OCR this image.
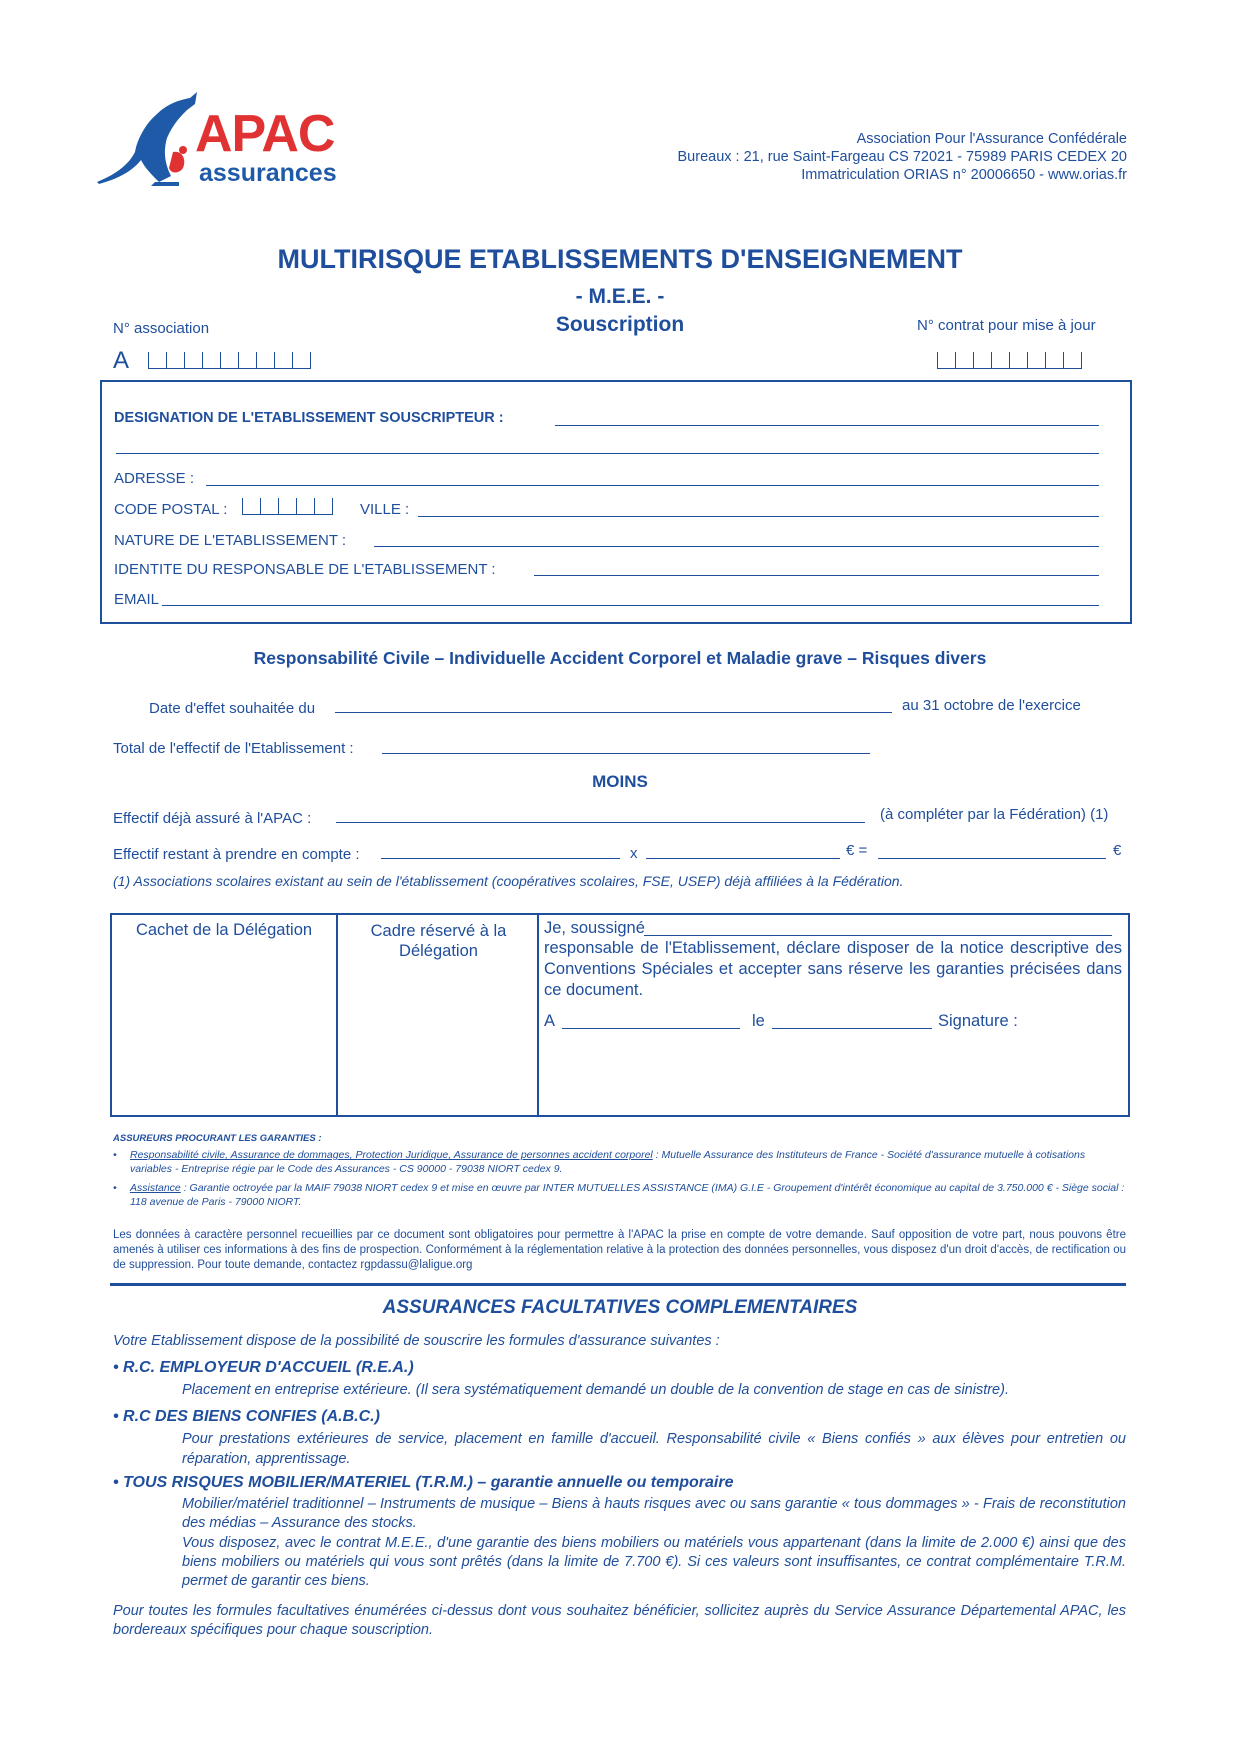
APAC
assurances
Association Pour l'Assurance Confédérale
Bureaux : 21, rue Saint-Fargeau CS 72021 - 75989 PARIS CEDEX 20
Immatriculation ORIAS n° 20006650 - www.orias.fr
MULTIRISQUE ETABLISSEMENTS D'ENSEIGNEMENT
- M.E.E. -
Souscription
N° association
A
N° contrat pour mise à jour
DESIGNATION DE L'ETABLISSEMENT SOUSCRIPTEUR :
ADRESSE :
CODE POSTAL :	VILLE :
NATURE DE L'ETABLISSEMENT :
IDENTITE DU RESPONSABLE DE L'ETABLISSEMENT :
EMAIL
Responsabilité Civile – Individuelle Accident Corporel et Maladie grave – Risques divers
Date d'effet souhaitée du	au 31 octobre de l'exercice
Total de l'effectif de l'Etablissement :
MOINS
Effectif déjà assuré à l'APAC :	(à compléter par la Fédération) (1)
Effectif restant à prendre en compte :	x	€ =	€
(1) Associations scolaires existant au sein de l'établissement (coopératives scolaires, FSE, USEP) déjà affiliées à la Fédération.
Cachet de la Délégation	Cadre réservé à la Délégation
Je, soussigné
responsable de l'Etablissement, déclare disposer de la notice descriptive des Conventions Spéciales et accepter sans réserve les garanties précisées dans ce document.
A	le	Signature :
ASSUREURS PROCURANT LES GARANTIES :
• Responsabilité civile, Assurance de dommages, Protection Juridique, Assurance de personnes accident corporel : Mutuelle Assurance des Instituteurs de France - Société d'assurance mutuelle à cotisations variables - Entreprise régie par le Code des Assurances - CS 90000 - 79038 NIORT cedex 9.
• Assistance : Garantie octroyée par la MAIF 79038 NIORT cedex 9 et mise en œuvre par INTER MUTUELLES ASSISTANCE (IMA) G.I.E - Groupement d'intérêt économique au capital de 3.750.000 € - Siège social : 118 avenue de Paris - 79000 NIORT.
Les données à caractère personnel recueillies par ce document sont obligatoires pour permettre à l'APAC la prise en compte de votre demande. Sauf opposition de votre part, nous pouvons être amenés à utiliser ces informations à des fins de prospection. Conformément à la réglementation relative à la protection des données personnelles, vous disposez d'un droit d'accès, de rectification ou de suppression. Pour toute demande, contactez rgpdassu@laligue.org
ASSURANCES FACULTATIVES COMPLEMENTAIRES
Votre Etablissement dispose de la possibilité de souscrire les formules d'assurance suivantes :
• R.C. EMPLOYEUR D'ACCUEIL (R.E.A.)
Placement en entreprise extérieure. (Il sera systématiquement demandé un double de la convention de stage en cas de sinistre).
• R.C DES BIENS CONFIES (A.B.C.)
Pour prestations extérieures de service, placement en famille d'accueil. Responsabilité civile « Biens confiés » aux élèves pour entretien ou réparation, apprentissage.
• TOUS RISQUES MOBILIER/MATERIEL (T.R.M.) – garantie annuelle ou temporaire
Mobilier/matériel traditionnel – Instruments de musique – Biens à hauts risques avec ou sans garantie « tous dommages » - Frais de reconstitution des médias – Assurance des stocks.
Vous disposez, avec le contrat M.E.E., d'une garantie des biens mobiliers ou matériels vous appartenant (dans la limite de 2.000 €) ainsi que des biens mobiliers ou matériels qui vous sont prêtés (dans la limite de 7.700 €). Si ces valeurs sont insuffisantes, ce contrat complémentaire T.R.M. permet de garantir ces biens.
Pour toutes les formules facultatives énumérées ci-dessus dont vous souhaitez bénéficier, sollicitez auprès du Service Assurance Départemental APAC, les bordereaux spécifiques pour chaque souscription.
